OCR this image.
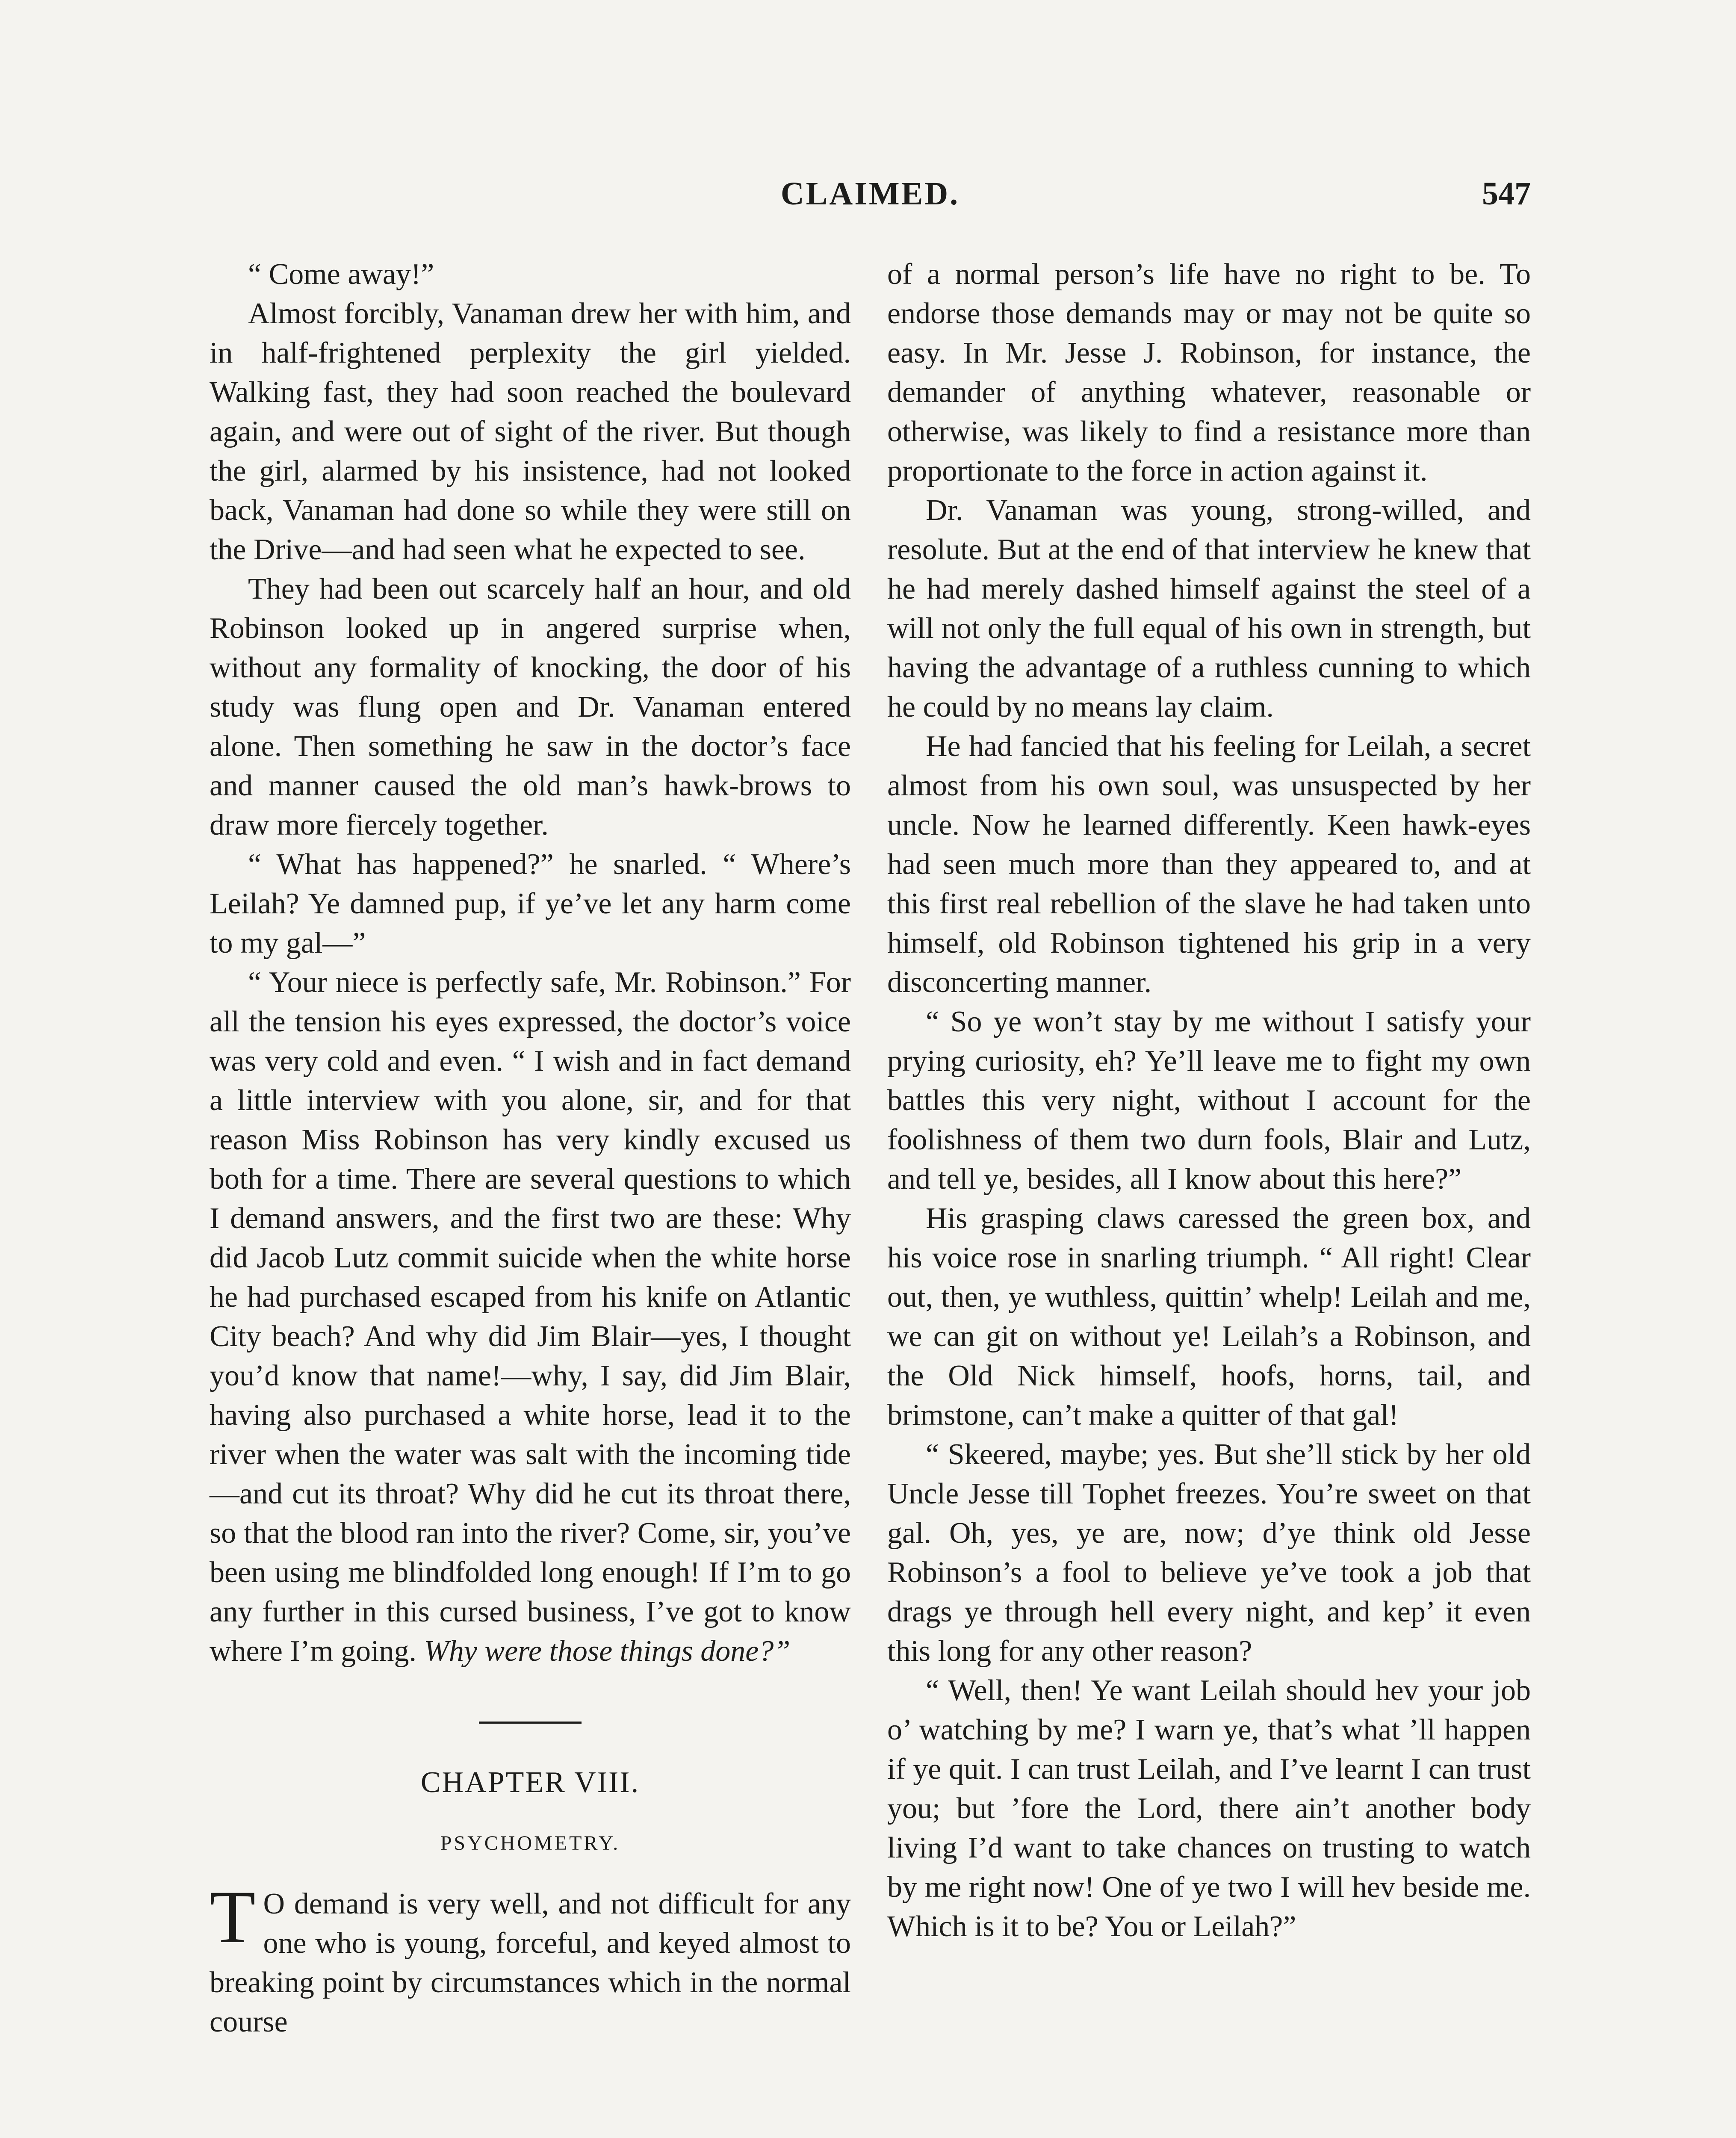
CLAIMED.	547

“ Come away!”

Almost forcibly, Vanaman drew her with him, and in half-frightened perplexity the girl yielded. Walking fast, they had soon reached the boulevard again, and were out of sight of the river. But though the girl, alarmed by his insistence, had not looked back, Vanaman had done so while they were still on the Drive—and had seen what he expected to see.

They had been out scarcely half an hour, and old Robinson looked up in angered surprise when, without any formality of knocking, the door of his study was flung open and Dr. Vanaman entered alone. Then something he saw in the doctor’s face and manner caused the old man’s hawk-brows to draw more fiercely together.

“ What has happened?” he snarled. “ Where’s Leilah? Ye damned pup, if ye’ve let any harm come to my gal—”

“ Your niece is perfectly safe, Mr. Robinson.” For all the tension his eyes expressed, the doctor’s voice was very cold and even. “ I wish and in fact demand a little interview with you alone, sir, and for that reason Miss Robinson has very kindly excused us both for a time. There are several questions to which I demand answers, and the first two are these: Why did Jacob Lutz commit suicide when the white horse he had purchased escaped from his knife on Atlantic City beach? And why did Jim Blair—yes, I thought you’d know that name!—why, I say, did Jim Blair, having also purchased a white horse, lead it to the river when the water was salt with the incoming tide—and cut its throat? Why did he cut its throat there, so that the blood ran into the river? Come, sir, you’ve been using me blindfolded long enough! If I’m to go any further in this cursed business, I’ve got to know where I’m going. Why were those things done?”

CHAPTER VIII.
PSYCHOMETRY.

T O demand is very well, and not difficult for any one who is young, forceful, and keyed almost to breaking point by circumstances which in the normal course

of a normal person’s life have no right to be. To endorse those demands may or may not be quite so easy. In Mr. Jesse J. Robinson, for instance, the demander of anything whatever, reasonable or otherwise, was likely to find a resistance more than proportionate to the force in action against it.

Dr. Vanaman was young, strong-willed, and resolute. But at the end of that interview he knew that he had merely dashed himself against the steel of a will not only the full equal of his own in strength, but having the advantage of a ruthless cunning to which he could by no means lay claim.

He had fancied that his feeling for Leilah, a secret almost from his own soul, was unsuspected by her uncle. Now he learned differently. Keen hawk-eyes had seen much more than they appeared to, and at this first real rebellion of the slave he had taken unto himself, old Robinson tightened his grip in a very disconcerting manner.

“ So ye won’t stay by me without I satisfy your prying curiosity, eh? Ye’ll leave me to fight my own battles this very night, without I account for the foolishness of them two durn fools, Blair and Lutz, and tell ye, besides, all I know about this here?”

His grasping claws caressed the green box, and his voice rose in snarling triumph. “ All right! Clear out, then, ye wuthless, quittin’ whelp! Leilah and me, we can git on without ye! Leilah’s a Robinson, and the Old Nick himself, hoofs, horns, tail, and brimstone, can’t make a quitter of that gal!

“ Skeered, maybe; yes. But she’ll stick by her old Uncle Jesse till Tophet freezes. You’re sweet on that gal. Oh, yes, ye are, now; d’ye think old Jesse Robinson’s a fool to believe ye’ve took a job that drags ye through hell every night, and kep’ it even this long for any other reason?

“ Well, then! Ye want Leilah should hev your job o’ watching by me? I warn ye, that’s what ’ll happen if ye quit. I can trust Leilah, and I’ve learnt I can trust you; but ’fore the Lord, there ain’t another body living I’d want to take chances on trusting to watch by me right now! One of ye two I will hev beside me. Which is it to be? You or Leilah?”
